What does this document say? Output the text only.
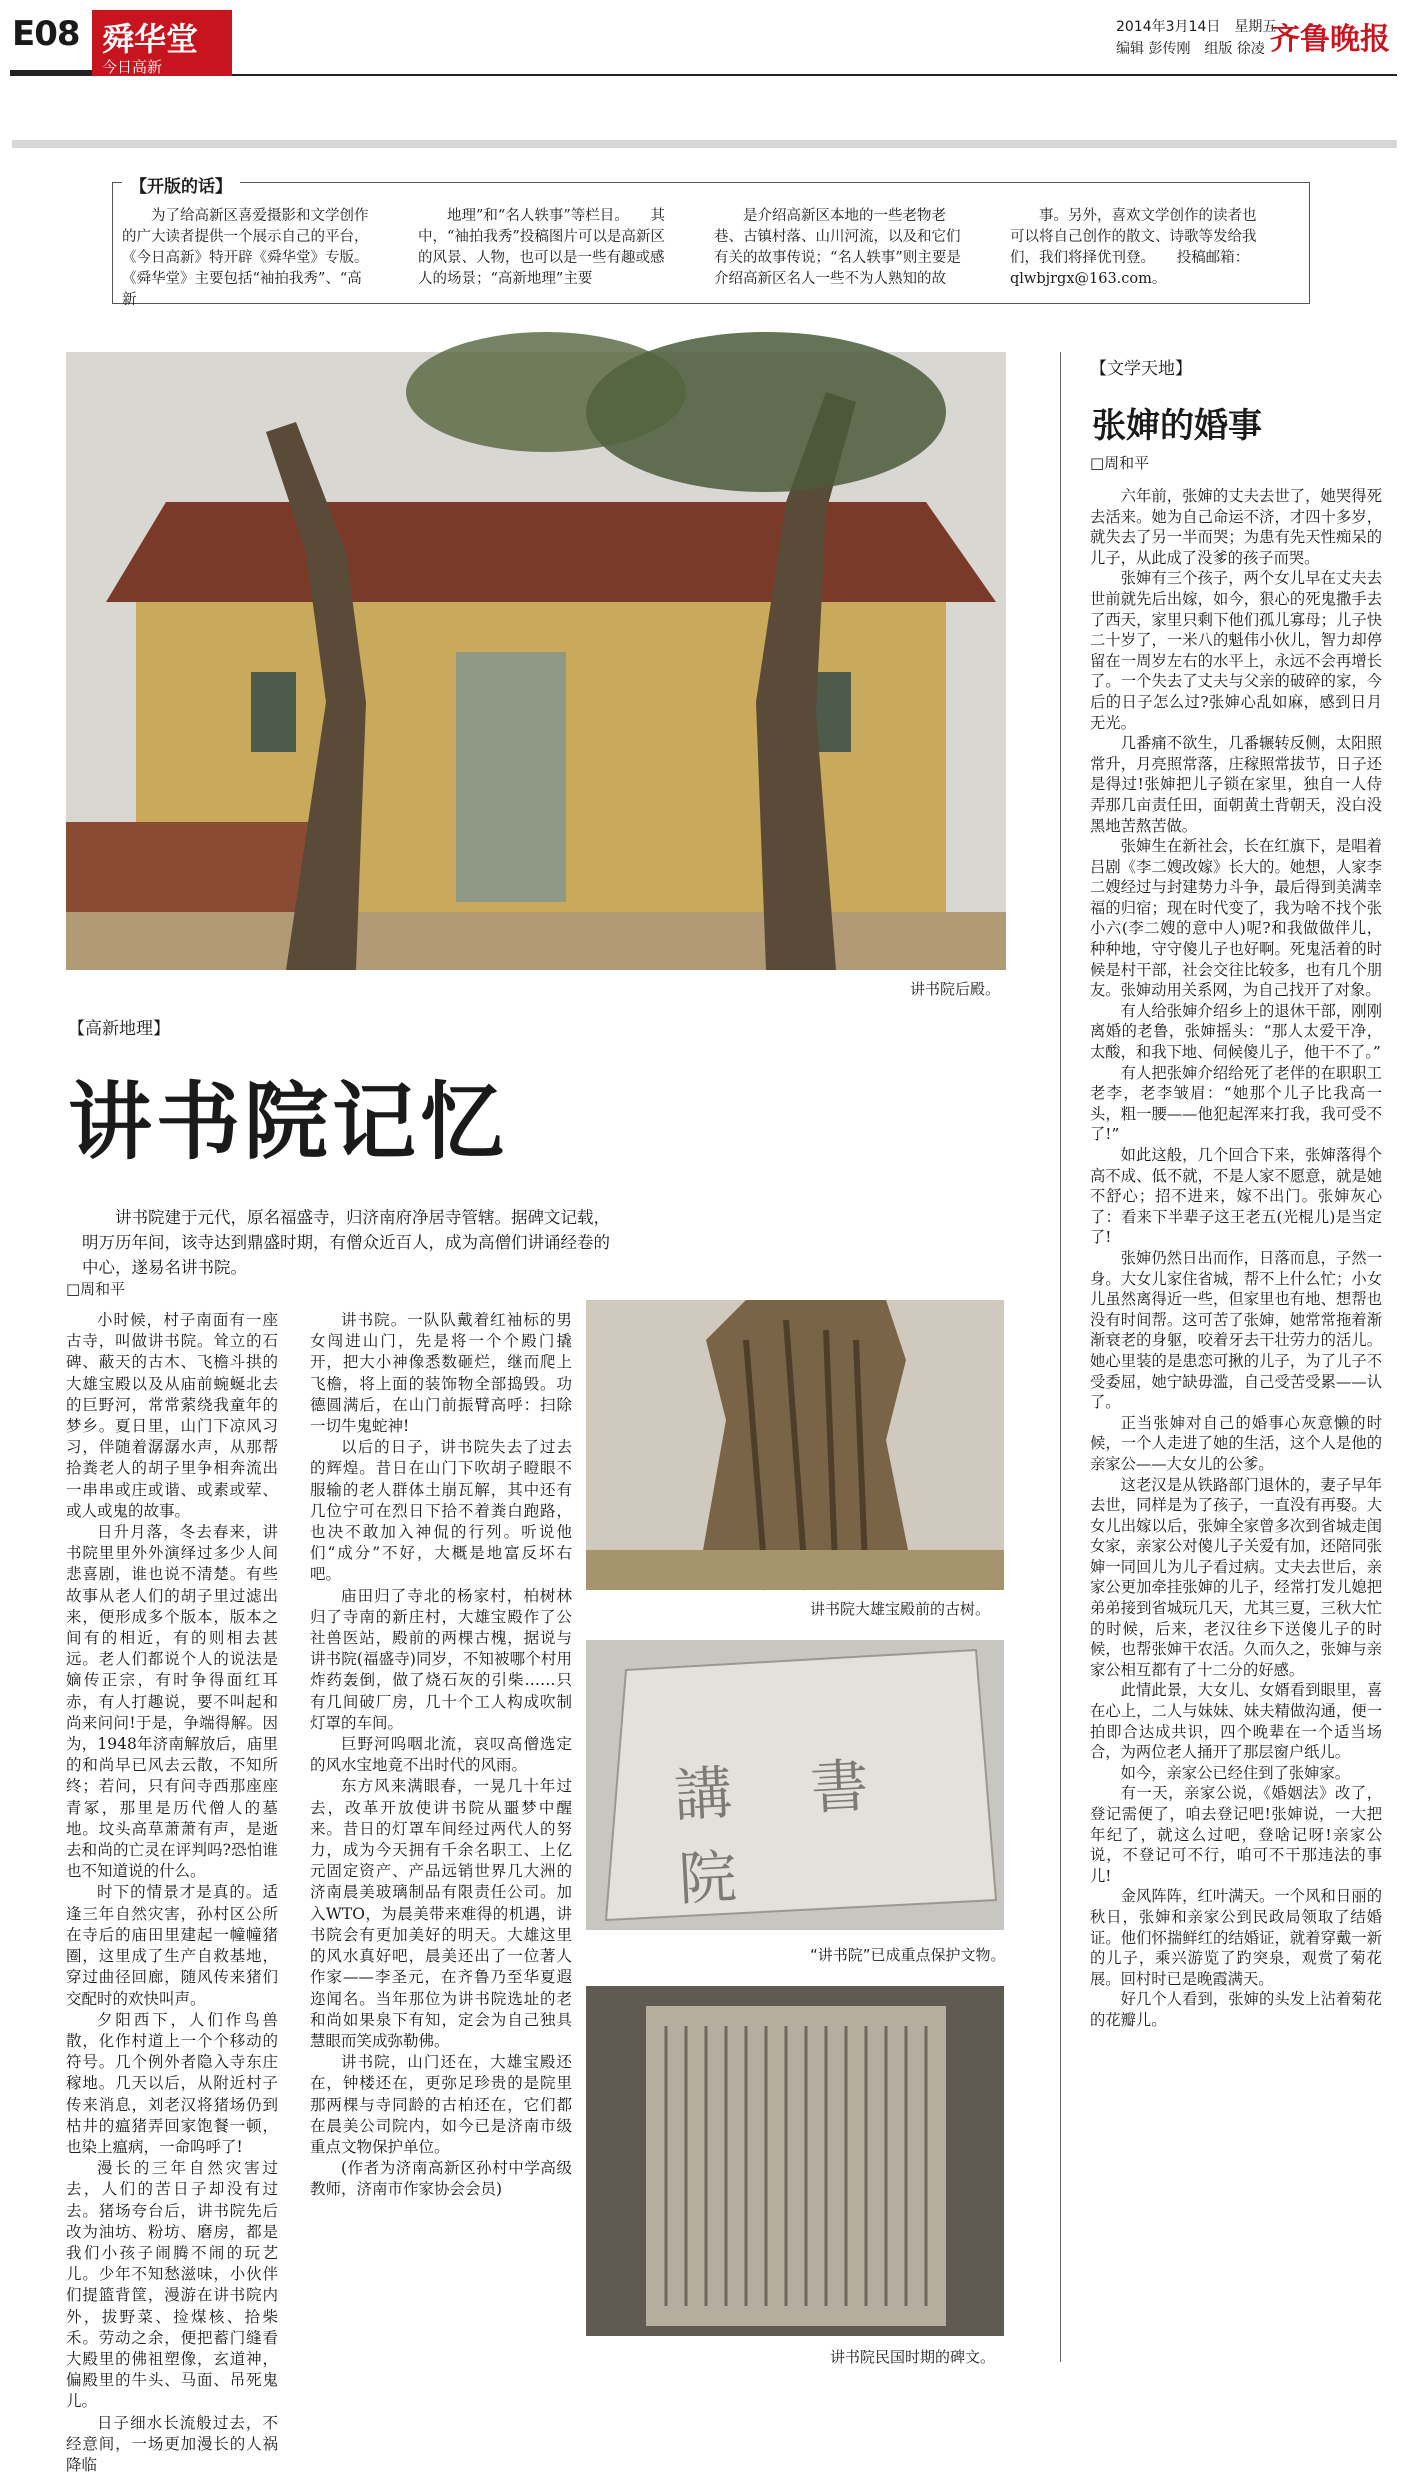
E08 舜华堂
今日高新
2014年3月14日　星期五
编辑 彭传刚　组版 徐凌 齐鲁晚报
【开版的话】
为了给高新区喜爱摄影和文学创作的广大读者提供一个展示自己的平台，《今日高新》特开辟《舜华堂》专版。《舜华堂》主要包括“袖拍我秀”、“高新
地理”和“名人轶事”等栏目。　　其中，“袖拍我秀”投稿图片可以是高新区的风景、人物，也可以是一些有趣或感人的场景；“高新地理”主要
是介绍高新区本地的一些老物老巷、古镇村落、山川河流，以及和它们有关的故事传说；“名人轶事”则主要是介绍高新区名人一些不为人熟知的故
事。另外，喜欢文学创作的读者也可以将自己创作的散文、诗歌等发给我们，我们将择优刊登。　　投稿邮箱：qlwbjrgx@163.com。
讲书院后殿。
【高新地理】
讲书院记忆
讲书院建于元代，原名福盛寺，归济南府净居寺管辖。据碑文记载，明万历年间，该寺达到鼎盛时期，有僧众近百人，成为高僧们讲诵经卷的中心，遂易名讲书院。
□周和平

小时候，村子南面有一座古寺，叫做讲书院。耸立的石碑、蔽天的古木、飞檐斗拱的大雄宝殿以及从庙前蜿蜒北去的巨野河，常常萦绕我童年的梦乡。夏日里，山门下凉风习习，伴随着潺潺水声，从那帮拾粪老人的胡子里争相奔流出一串串或庄或谐、或素或荤、或人或鬼的故事。

日升月落，冬去春来，讲书院里里外外演绎过多少人间悲喜剧，谁也说不清楚。有些故事从老人们的胡子里过滤出来，便形成多个版本，版本之间有的相近，有的则相去甚远。老人们都说个人的说法是嫡传正宗，有时争得面红耳赤，有人打趣说，要不叫起和尚来问问!于是，争端得解。因为，1948年济南解放后，庙里的和尚早已风去云散，不知所终；若问，只有问寺西那座座青冢，那里是历代僧人的墓地。坟头高草萧萧有声，是逝去和尚的亡灵在评判吗?恐怕谁也不知道说的什么。

时下的情景才是真的。适逢三年自然灾害，孙村区公所在寺后的庙田里建起一幢幢猪圈，这里成了生产自救基地，穿过曲径回廊，随风传来猪们交配时的欢快叫声。

夕阳西下，人们作鸟兽散，化作村道上一个个移动的符号。几个例外者隐入寺东庄稼地。几天以后，从附近村子传来消息，刘老汉将猪场仍到枯井的瘟猪弄回家饱餐一顿，也染上瘟病，一命呜呼了!

漫长的三年自然灾害过去，人们的苦日子却没有过去。猪场夸台后，讲书院先后改为油坊、粉坊、磨房，都是我们小孩子闹腾不闹的玩艺儿。少年不知愁滋味，小伙伴们提篮背筐，漫游在讲书院内外，拔野菜、捡煤核、拾柴禾。劳动之余，便把蓄门缝看大殿里的佛祖塑像，玄道神，偏殿里的牛头、马面、吊死鬼儿。

日子细水长流般过去，不经意间，一场更加漫长的人祸降临

讲书院。一队队戴着红袖标的男女闯进山门，先是将一个个殿门撬开，把大小神像悉数砸烂，继而爬上飞檐，将上面的装饰物全部捣毁。功德圆满后，在山门前振臂高呼：扫除一切牛鬼蛇神!

以后的日子，讲书院失去了过去的辉煌。昔日在山门下吹胡子瞪眼不服输的老人群体土崩瓦解，其中还有几位宁可在烈日下拾不着粪白跑路，也决不敢加入神侃的行列。听说他们“成分”不好，大概是地富反坏右吧。

庙田归了寺北的杨家村，柏树林归了寺南的新庄村，大雄宝殿作了公社兽医站，殿前的两棵古槐，据说与讲书院(福盛寺)同岁，不知被哪个村用炸药轰倒，做了烧石灰的引柴……只有几间破厂房，几十个工人构成吹制灯罩的车间。

巨野河呜咽北流，哀叹高僧选定的风水宝地竟不出时代的风雨。

东方风来满眼春，一晃几十年过去，改革开放使讲书院从噩梦中醒来。昔日的灯罩车间经过两代人的努力，成为今天拥有千余名职工、上亿元固定资产、产品远销世界几大洲的济南晨美玻璃制品有限责任公司。加入WTO，为晨美带来难得的机遇，讲书院会有更加美好的明天。大雄这里的风水真好吧，晨美还出了一位著人作家——李圣元，在齐鲁乃至华夏遐迩闻名。当年那位为讲书院选址的老和尚如果泉下有知，定会为自己独具慧眼而笑成弥勒佛。

讲书院，山门还在，大雄宝殿还在，钟楼还在，更弥足珍贵的是院里那两棵与寺同龄的古柏还在，它们都在晨美公司院内，如今已是济南市级重点文物保护单位。

(作者为济南高新区孙村中学高级教师，济南市作家协会会员)

讲书院大雄宝殿前的古树。
講 書 院
“讲书院”已成重点保护文物。
讲书院民国时期的碑文。
【文学天地】
张婶的婚事
□周和平

六年前，张婶的丈夫去世了，她哭得死去活来。她为自己命运不济，才四十多岁，就失去了另一半而哭；为患有先天性痴呆的儿子，从此成了没爹的孩子而哭。

张婶有三个孩子，两个女儿早在丈夫去世前就先后出嫁，如今，狠心的死鬼撒手去了西天，家里只剩下他们孤儿寡母；儿子快二十岁了，一米八的魁伟小伙儿，智力却停留在一周岁左右的水平上，永远不会再增长了。一个失去了丈夫与父亲的破碎的家，今后的日子怎么过?张婶心乱如麻，感到日月无光。

几番痛不欲生，几番辗转反侧，太阳照常升，月亮照常落，庄稼照常拔节，日子还是得过!张婶把儿子锁在家里，独自一人侍弄那几亩责任田，面朝黄土背朝天，没白没黑地苦熬苦做。

张婶生在新社会，长在红旗下，是唱着吕剧《李二嫂改嫁》长大的。她想，人家李二嫂经过与封建势力斗争，最后得到美满幸福的归宿；现在时代变了，我为啥不找个张小六(李二嫂的意中人)呢?和我做做伴儿，种种地，守守傻儿子也好啊。死鬼活着的时候是村干部，社会交往比较多，也有几个朋友。张婶动用关系网，为自己找开了对象。

有人给张婶介绍乡上的退休干部，刚刚离婚的老鲁，张婶摇头：“那人太爱干净，太酸，和我下地、伺候傻儿子，他干不了。”

有人把张婶介绍给死了老伴的在职职工老李，老李皱眉：“她那个儿子比我高一头，粗一腰——他犯起浑来打我，我可受不了!”

如此这般，几个回合下来，张婶落得个高不成、低不就，不是人家不愿意，就是她不舒心；招不进来，嫁不出门。张婶灰心了：看来下半辈子这王老五(光棍儿)是当定了!

张婶仍然日出而作，日落而息，子然一身。大女儿家住省城，帮不上什么忙；小女儿虽然离得近一些，但家里也有地、想帮也没有时间帮。这可苦了张婶，她常常拖着渐渐衰老的身躯，咬着牙去干壮劳力的活儿。她心里装的是患恋可揪的儿子，为了儿子不受委屈，她宁缺毋滥，自己受苦受累——认了。

正当张婶对自己的婚事心灰意懒的时候，一个人走进了她的生活，这个人是他的亲家公——大女儿的公爹。

这老汉是从铁路部门退休的，妻子早年去世，同样是为了孩子，一直没有再娶。大女儿出嫁以后，张婶全家曾多次到省城走闺女家，亲家公对傻儿子关爱有加，还陪同张婶一同回儿为儿子看过病。丈夫去世后，亲家公更加牵挂张婶的儿子，经常打发儿媳把弟弟接到省城玩几天，尤其三夏，三秋大忙的时候，后来，老汉往乡下送傻儿子的时候，也帮张婶干农活。久而久之，张婶与亲家公相互都有了十二分的好感。

此情此景，大女儿、女婿看到眼里，喜在心上，二人与妹妹、妹夫精做沟通，便一拍即合达成共识，四个晚辈在一个适当场合，为两位老人捅开了那层窗户纸儿。

如今，亲家公已经住到了张婶家。

有一天，亲家公说，《婚姻法》改了，登记需便了，咱去登记吧!张婶说，一大把年纪了，就这么过吧，登啥记呀!亲家公说，不登记可不行，咱可不干那违法的事儿!

金风阵阵，红叶满天。一个风和日丽的秋日，张婶和亲家公到民政局领取了结婚证。他们怀揣鲜红的结婚证，就着穿戴一新的儿子，乘兴游览了趵突泉，观赏了菊花展。回村时已是晚霞满天。

好几个人看到，张婶的头发上沾着菊花的花瓣儿。
